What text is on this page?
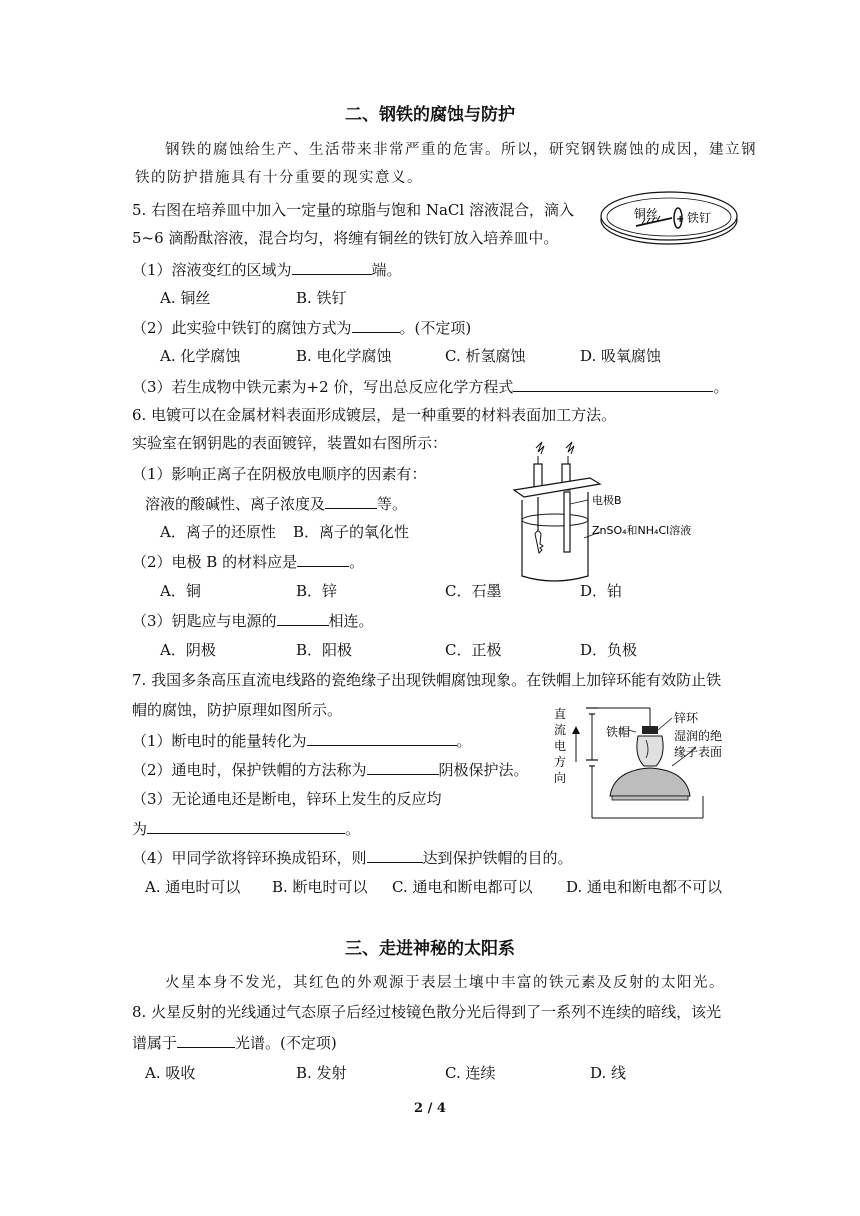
二、钢铁的腐蚀与防护
钢铁的腐蚀给生产、生活带来非常严重的危害。所以，研究钢铁腐蚀的成因，建立钢
铁的防护措施具有十分重要的现实意义。
5. 右图在培养皿中加入一定量的琼脂与饱和 NaCl 溶液混合，滴入
5~6 滴酚酞溶液，混合均匀，将缠有铜丝的铁钉放入培养皿中。
+
铜丝 铁钉
（1）溶液变红的区域为	端。
A. 铜丝	B. 铁钉
（2）此实验中铁钉的腐蚀方式为	。(不定项)
A. 化学腐蚀	B. 电化学腐蚀	C. 析氢腐蚀	D. 吸氧腐蚀
（3）若生成物中铁元素为+2 价，写出总反应化学方程式	。
6. 电镀可以在金属材料表面形成镀层，是一种重要的材料表面加工方法。
实验室在钢钥匙的表面镀锌，装置如右图所示：
（1）影响正离子在阴极放电顺序的因素有：
溶液的酸碱性、离子浓度及	等。
A．离子的还原性 B．离子的氧化性
（2）电极 B 的材料应是	。
A．铜	B．锌	C．石墨	D．铂
（3）钥匙应与电源的	相连。
A．阴极	B．阳极	C．正极	D．负极
电极B
ZnSO₄和NH₄Cl溶液
7. 我国多条高压直流电线路的瓷绝缘子出现铁帽腐蚀现象。在铁帽上加锌环能有效防止铁
帽的腐蚀，防护原理如图所示。
（1）断电时的能量转化为	。
（2）通电时，保护铁帽的方法称为	阴极保护法。
（3）无论通电还是断电，锌环上发生的反应均
为	。
（4）甲同学欲将锌环换成铅环，则	达到保护铁帽的目的。
A. 通电时可以 B. 断电时可以 C. 通电和断电都可以 D. 通电和断电都不可以
直
流
电
方
向
铁帽
锌环
湿润的绝
缘子表面
三、走进神秘的太阳系
火星本身不发光，其红色的外观源于表层土壤中丰富的铁元素及反射的太阳光。
8. 火星反射的光线通过气态原子后经过棱镜色散分光后得到了一系列不连续的暗线，该光
谱属于	光谱。(不定项)
A. 吸收	B. 发射	C. 连续	D. 线
2 / 4
